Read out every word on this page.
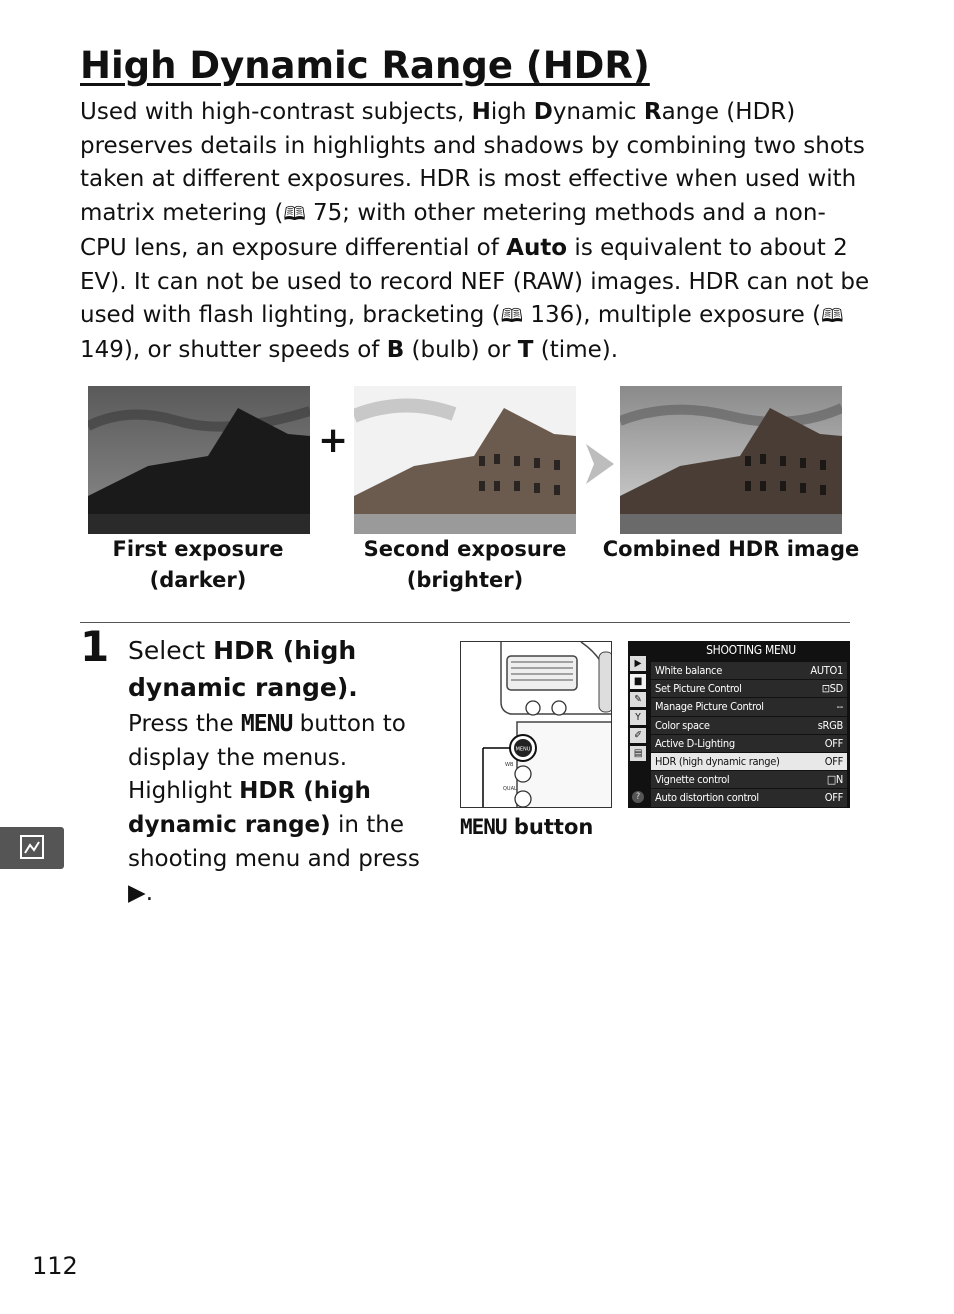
High Dynamic Range (HDR)

Used with high-contrast subjects, High Dynamic Range (HDR) preserves details in highlights and shadows by combining two shots taken at different exposures. HDR is most effective when used with matrix metering (🕮 75; with other metering methods and a non-CPU lens, an exposure differential of Auto is equivalent to about 2 EV). It can not be used to record NEF (RAW) images. HDR can not be used with flash lighting, bracketing (🕮 136), multiple exposure (🕮 149), or shutter speeds of B (bulb) or T (time).

+
First exposure
(darker)
Second exposure
(brighter)
Combined HDR image
1 Select HDR (high dynamic range).

Press the MENU button to display the menus. Highlight HDR (high dynamic range) in the shooting menu and press ▶.

MENU
WB
QUAL
MENU button
SHOOTING MENU
▶
■
✎
Y
✐
▤
?
White balance	AUTO1
Set Picture Control	⊡SD
Manage Picture Control	--
Color space	sRGB
Active D-Lighting	OFF
HDR (high dynamic range)	OFF
Vignette control	□N
Auto distortion control	OFF
112
